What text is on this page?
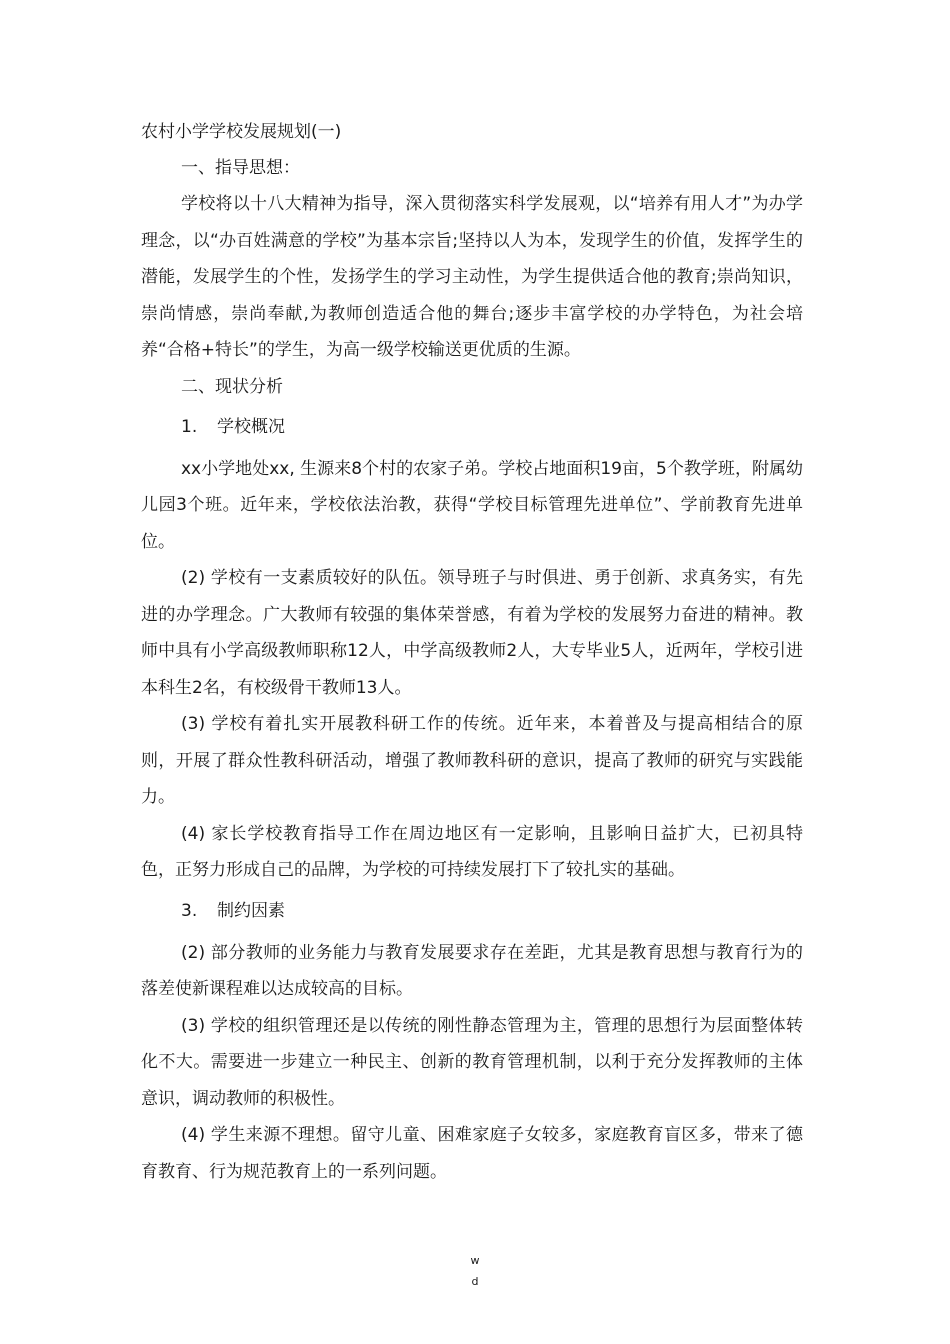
农村小学学校发展规划(一)
一、指导思想：

学校将以十八大精神为指导，深入贯彻落实科学发展观，以“培养有用人才”为办学理念，以“办百姓满意的学校”为基本宗旨;坚持以人为本，发现学生的价值，发挥学生的潜能，发展学生的个性，发扬学生的学习主动性，为学生提供适合他的教育;崇尚知识，崇尚情感，崇尚奉献,为教师创造适合他的舞台;逐步丰富学校的办学特色，为社会培养“合格+特长”的学生，为高一级学校输送更优质的生源。

二、现状分析
1. 学校概况

xx小学地处xx, 生源来8个村的农家子弟。学校占地面积19亩，5个教学班，附属幼儿园3个班。近年来，学校依法治教，获得“学校目标管理先进单位”、学前教育先进单位。

(2) 学校有一支素质较好的队伍。领导班子与时俱进、勇于创新、求真务实，有先进的办学理念。广大教师有较强的集体荣誉感，有着为学校的发展努力奋进的精神。教师中具有小学高级教师职称12人，中学高级教师2人，大专毕业5人，近两年，学校引进本科生2名，有校级骨干教师13人。

(3) 学校有着扎实开展教科研工作的传统。近年来，本着普及与提高相结合的原则，开展了群众性教科研活动，增强了教师教科研的意识，提高了教师的研究与实践能力。

(4) 家长学校教育指导工作在周边地区有一定影响，且影响日益扩大，已初具特色，正努力形成自己的品牌，为学校的可持续发展打下了较扎实的基础。

3. 制约因素

(2) 部分教师的业务能力与教育发展要求存在差距，尤其是教育思想与教育行为的落差使新课程难以达成较高的目标。

(3) 学校的组织管理还是以传统的刚性静态管理为主，管理的思想行为层面整体转化不大。需要进一步建立一种民主、创新的教育管理机制，以利于充分发挥教师的主体意识，调动教师的积极性。

(4) 学生来源不理想。留守儿童、困难家庭子女较多，家庭教育盲区多，带来了德育教育、行为规范教育上的一系列问题。

w
d
